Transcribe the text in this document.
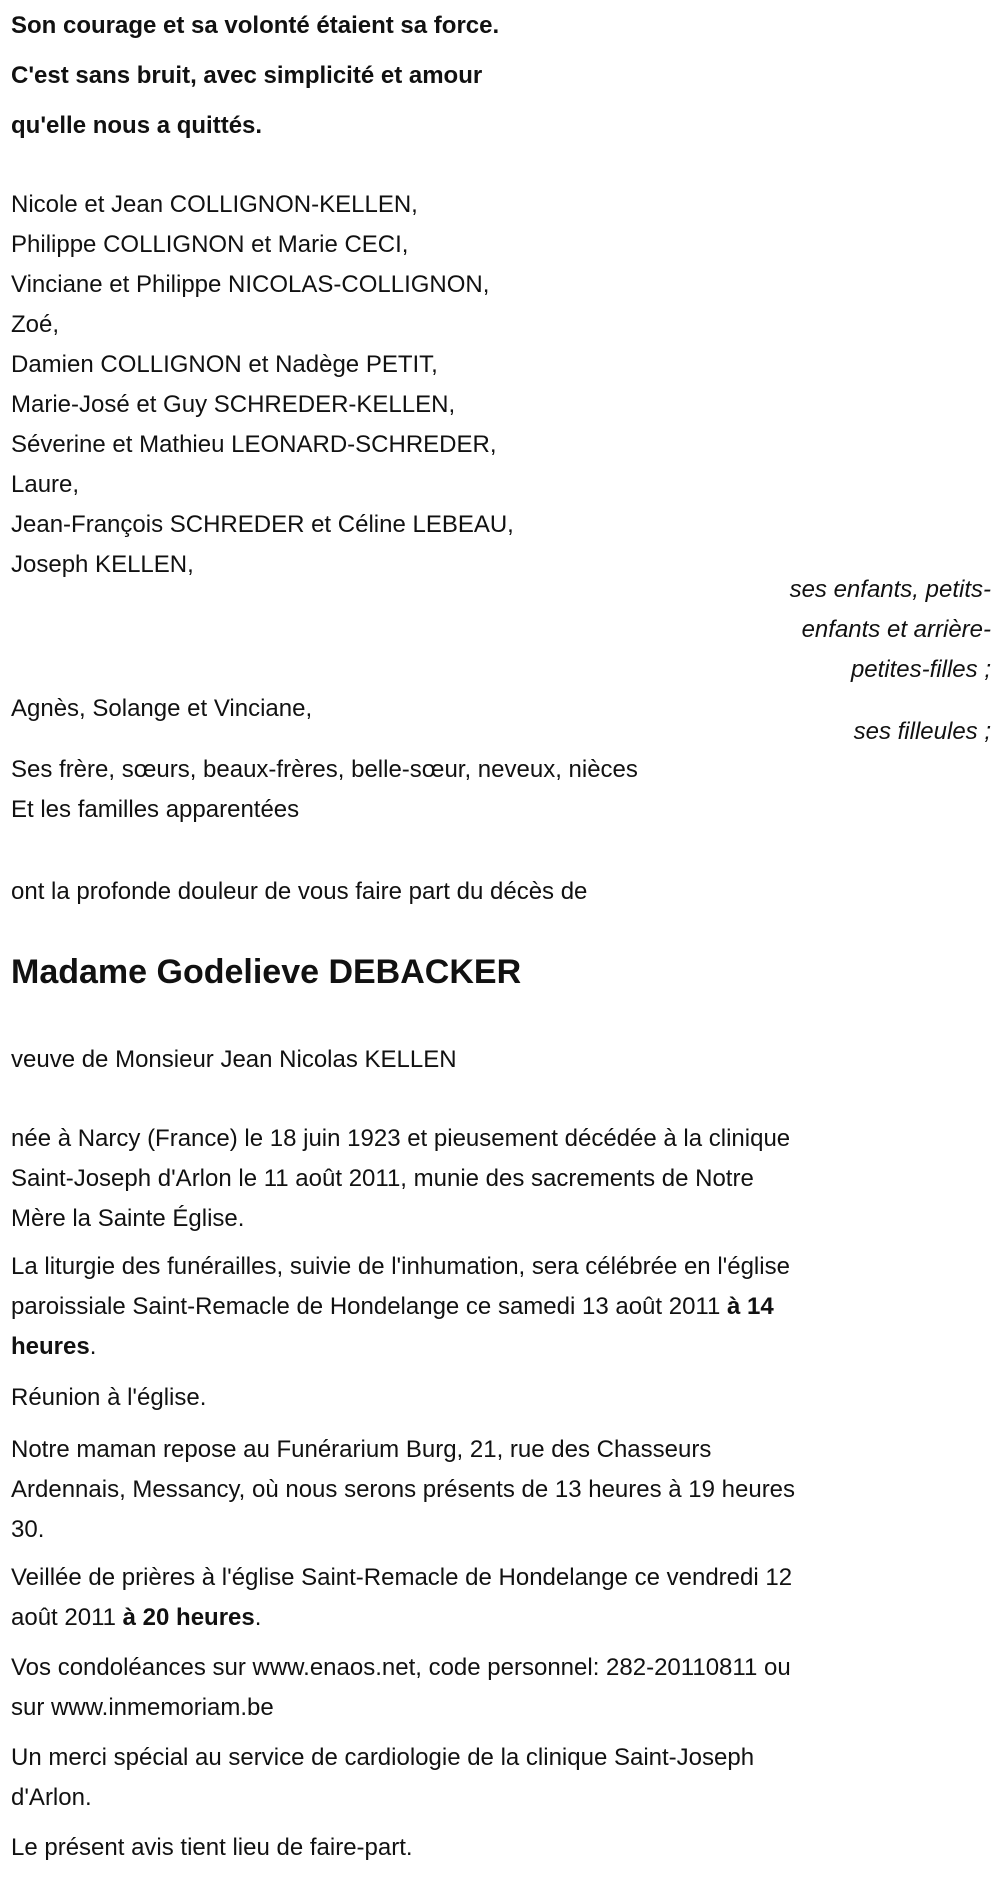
Son courage et sa volonté étaient sa force.
C'est sans bruit, avec simplicité et amour
qu'elle nous a quittés.
Nicole et Jean COLLIGNON-KELLEN,
Philippe COLLIGNON et Marie CECI,
Vinciane et Philippe NICOLAS-COLLIGNON,
Zoé,
Damien COLLIGNON et Nadège PETIT,
Marie-José et Guy SCHREDER-KELLEN,
Séverine et Mathieu LEONARD-SCHREDER,
Laure,
Jean-François SCHREDER et Céline LEBEAU,
Joseph KELLEN,
ses enfants, petits-
enfants et arrière-
petites-filles ;
Agnès, Solange et Vinciane,
ses filleules ;
Ses frère, sœurs, beaux-frères, belle-sœur, neveux, nièces
Et les familles apparentées
ont la profonde douleur de vous faire part du décès de
Madame Godelieve DEBACKER
veuve de Monsieur Jean Nicolas KELLEN
née à Narcy (France) le 18 juin 1923 et pieusement décédée à la clinique
Saint-Joseph d'Arlon le 11 août 2011, munie des sacrements de Notre
Mère la Sainte Église.
La liturgie des funérailles, suivie de l'inhumation, sera célébrée en l'église
paroissiale Saint-Remacle de Hondelange ce samedi 13 août 2011 à 14
heures.
Réunion à l'église.
Notre maman repose au Funérarium Burg, 21, rue des Chasseurs
Ardennais, Messancy, où nous serons présents de 13 heures à 19 heures
30.
Veillée de prières à l'église Saint-Remacle de Hondelange ce vendredi 12
août 2011 à 20 heures.
Vos condoléances sur www.enaos.net, code personnel: 282-20110811 ou
sur www.inmemoriam.be
Un merci spécial au service de cardiologie de la clinique Saint-Joseph
d'Arlon.
Le présent avis tient lieu de faire-part.
